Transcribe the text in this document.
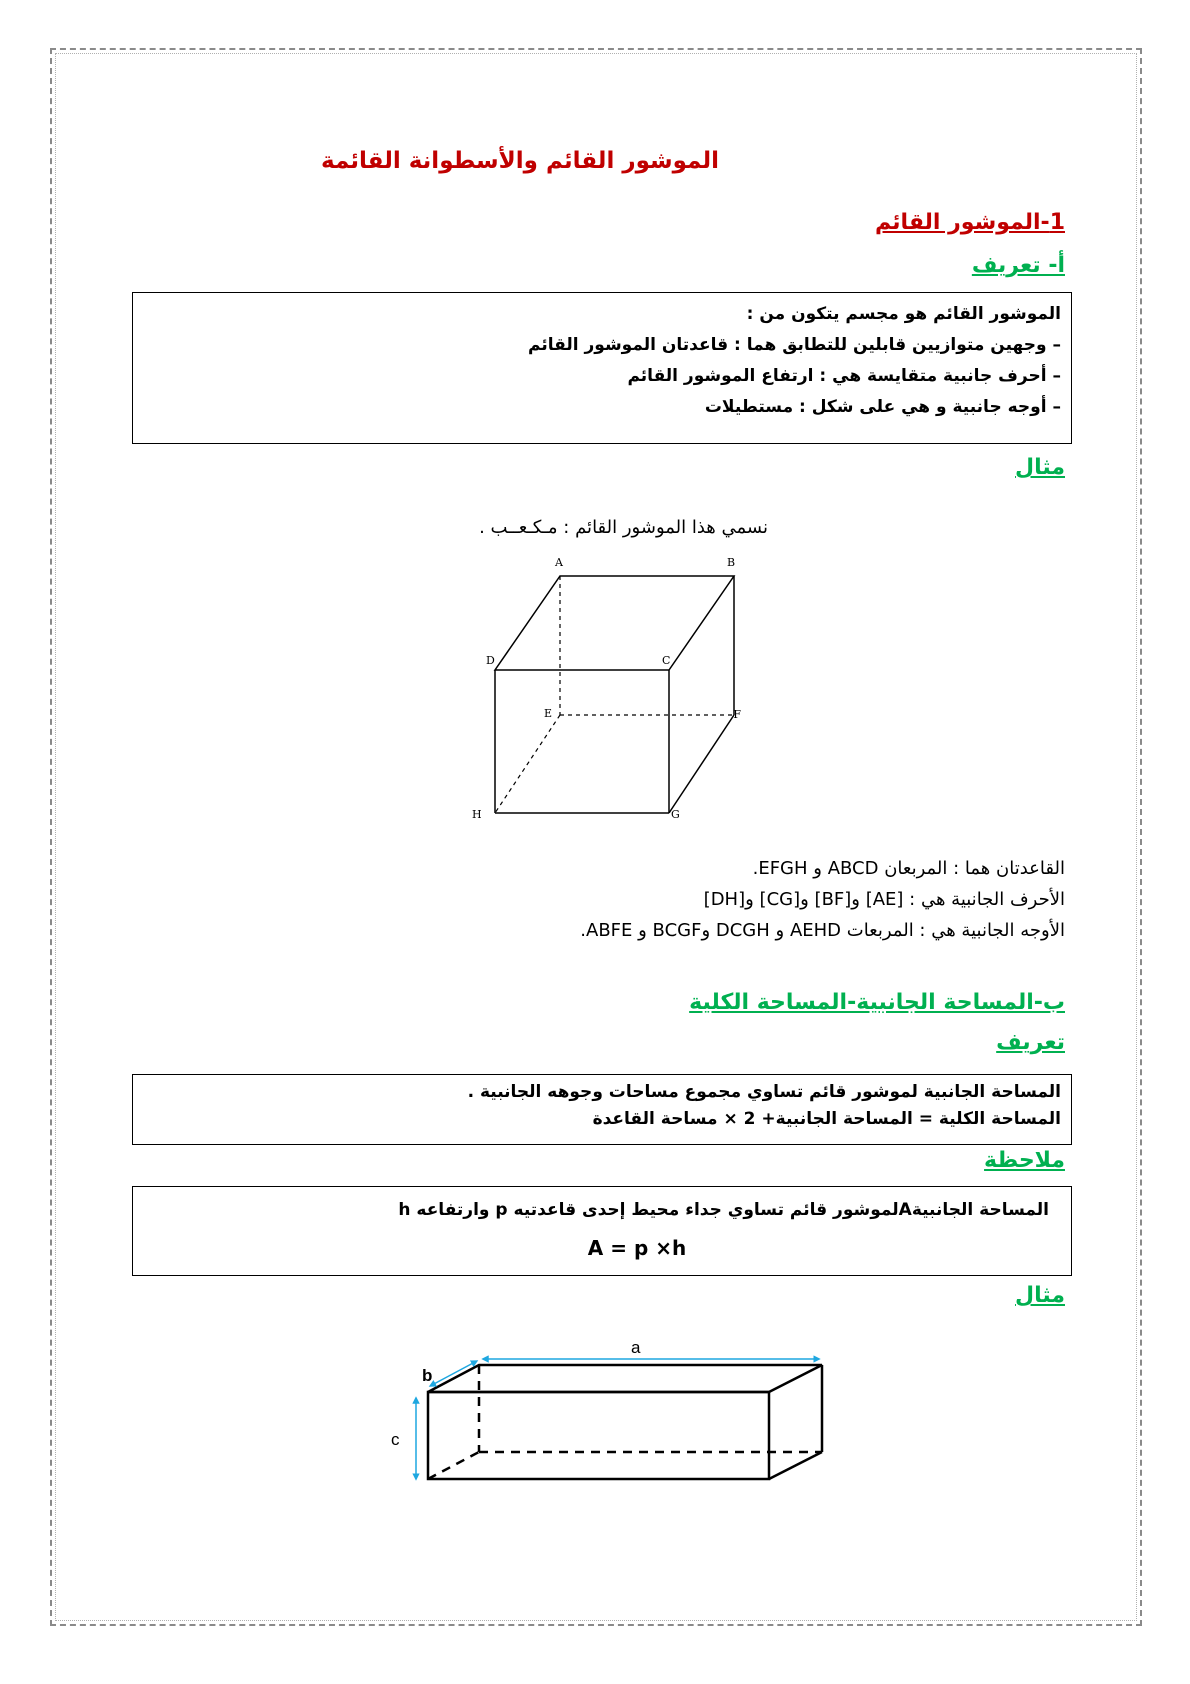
الموشور القائم والأسطوانة القائمة
1-الموشور القائم
أ- تعريف

الموشور القائم هو مجسم يتكون من :

– وجهين متوازيين قابلين للتطابق هما : قاعدتان الموشور القائم

– أحرف جانبية متقايسة هي : ارتفاع الموشور القائم

– أوجه جانبية و هي على شكل : مستطيلات

مثال
نسمي هذا الموشور القائم : مـكـعــب .
A	B
C
D
E	F
G
H
القاعدتان هما : المربعان ABCD و EFGH.
الأحرف الجانبية هي : [AE] و[BF] و[CG] و[DH]
الأوجه الجانبية هي : المربعات AEHD و DCGH وBCGF و ABFE.
ب-المساحة الجانبية-المساحة الكلية
تعريف

المساحة الجانبية لموشور قائم تساوي مجموع مساحات وجوهه الجانبية .

المساحة الكلية = المساحة الجانبية+ 2 × مساحة القاعدة

ملاحظة

المساحة الجانبيةAلموشور قائم تساوي جداء محيط إحدى قاعدتيه p وارتفاعه h

A = p ×h

مثال
a
b
c
